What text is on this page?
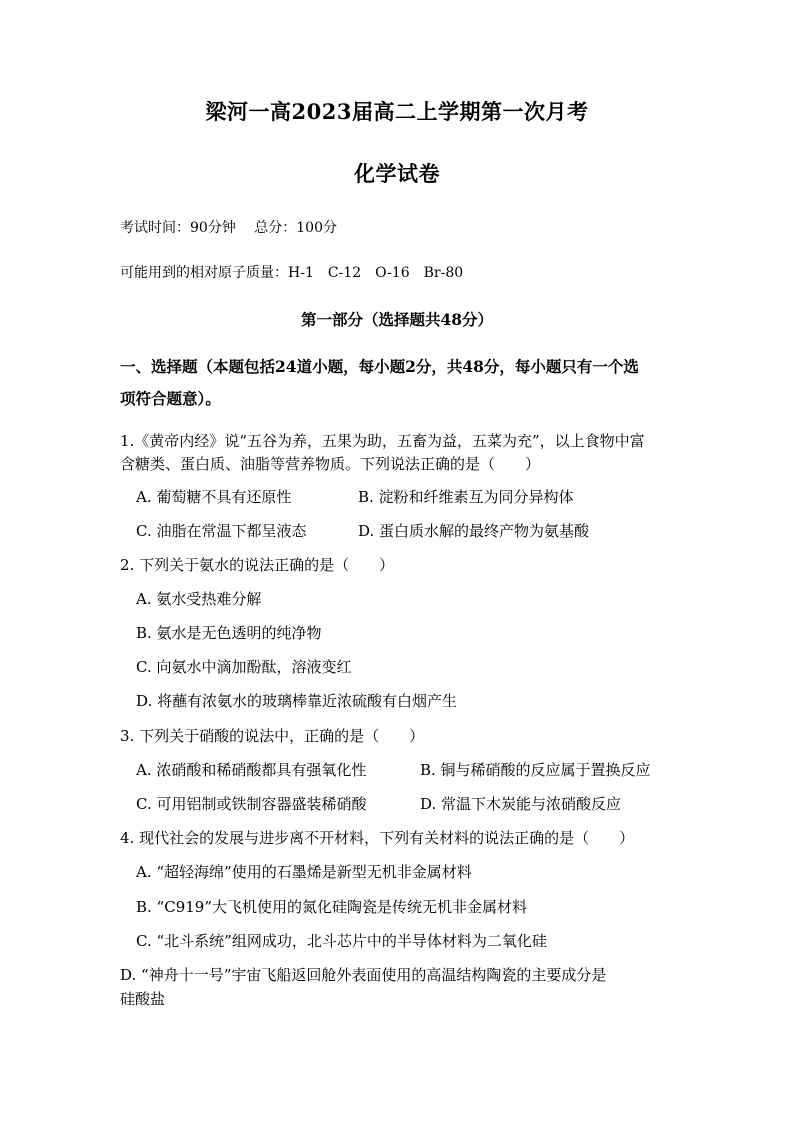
梁河一高2023届高二上学期第一次月考
化学试卷
考试时间：90分钟　 总分：100分
可能用到的相对原子质量：H-1　C-12　O-16　Br-80
第一部分（选择题共48分）
一、选择题（本题包括24道小题，每小题2分，共48分，每小题只有一个选
项符合题意）。
1.《黄帝内经》说“五谷为养，五果为助，五畜为益，五菜为充”，以上食物中富
含糖类、蛋白质、油脂等营养物质。下列说法正确的是（　　）
A. 葡萄糖不具有还原性	B. 淀粉和纤维素互为同分异构体
C. 油脂在常温下都呈液态	D. 蛋白质水解的最终产物为氨基酸
2. 下列关于氨水的说法正确的是（　　）
A. 氨水受热难分解
B. 氨水是无色透明的纯净物
C. 向氨水中滴加酚酞，溶液变红
D. 将蘸有浓氨水的玻璃棒靠近浓硫酸有白烟产生
3. 下列关于硝酸的说法中，正确的是（　　）
A. 浓硝酸和稀硝酸都具有强氧化性	B. 铜与稀硝酸的反应属于置换反应
C. 可用铝制或铁制容器盛装稀硝酸	D. 常温下木炭能与浓硝酸反应
4. 现代社会的发展与进步离不开材料，下列有关材料的说法正确的是（　　）
A. “超轻海绵”使用的石墨烯是新型无机非金属材料
B. “C919”大飞机使用的氮化硅陶瓷是传统无机非金属材料
C. “北斗系统”组网成功，北斗芯片中的半导体材料为二氧化硅
D. “神舟十一号”宇宙飞船返回舱外表面使用的高温结构陶瓷的主要成分是
硅酸盐
